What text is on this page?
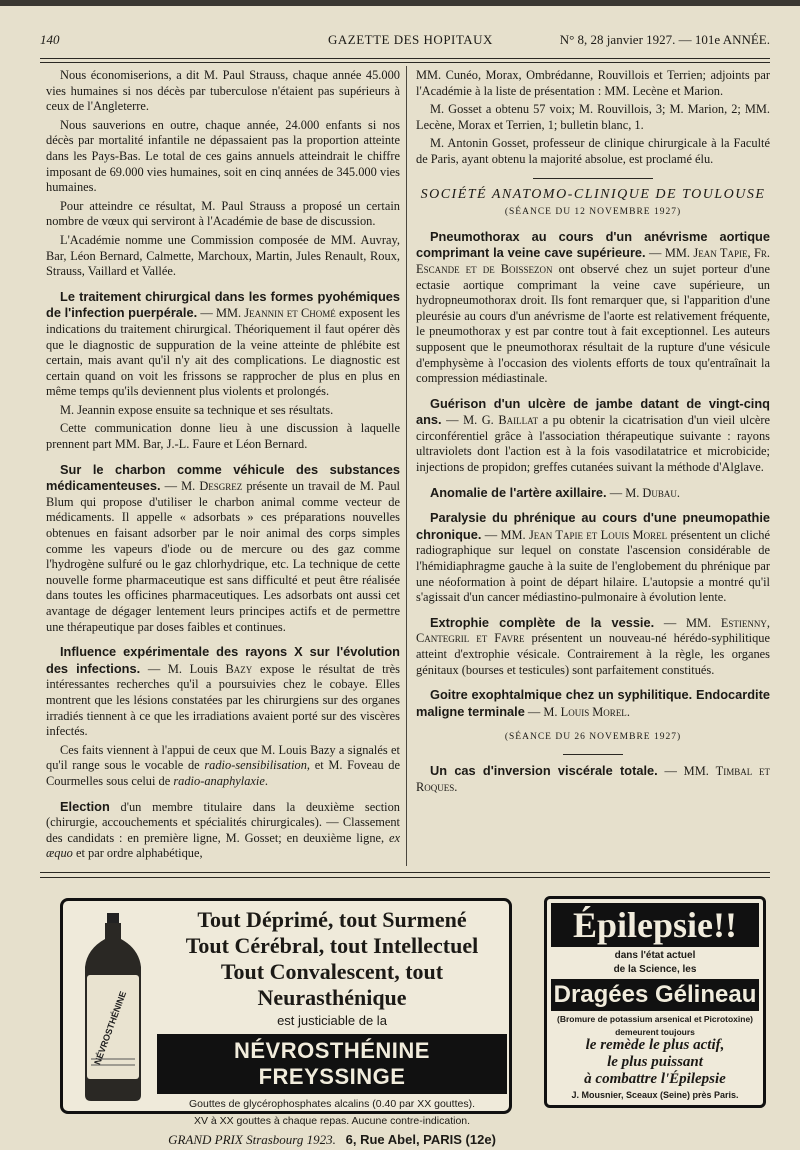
140	GAZETTE DES HOPITAUX	N° 8, 28 janvier 1927. — 101e ANNÉE.

Nous économiserions, a dit M. Paul Strauss, chaque année 45.000 vies humaines si nos décès par tuberculose n'étaient pas supérieurs à ceux de l'Angleterre.

Nous sauverions en outre, chaque année, 24.000 enfants si nos décès par mortalité infantile ne dépassaient pas la proportion atteinte dans les Pays-Bas. Le total de ces gains annuels atteindrait le chiffre imposant de 69.000 vies humaines, soit en cinq années de 345.000 vies humaines.

Pour atteindre ce résultat, M. Paul Strauss a proposé un certain nombre de vœux qui serviront à l'Académie de base de discussion.

L'Académie nomme une Commission composée de MM. Auvray, Bar, Léon Bernard, Calmette, Marchoux, Martin, Jules Renault, Roux, Strauss, Vaillard et Vallée.

Le traitement chirurgical dans les formes pyohémiques de l'infection puerpérale. — MM. Jeannin et Chomé exposent les indications du traitement chirurgical. Théoriquement il faut opérer dès que le diagnostic de suppuration de la veine atteinte de phlébite est certain, mais avant qu'il n'y ait des complications. Le diagnostic est certain quand on voit les frissons se rapprocher de plus en plus en même temps qu'ils deviennent plus violents et prolongés.

M. Jeannin expose ensuite sa technique et ses résultats.

Cette communication donne lieu à une discussion à laquelle prennent part MM. Bar, J.-L. Faure et Léon Bernard.

Sur le charbon comme véhicule des substances médicamenteuses. — M. Desgrez présente un travail de M. Paul Blum qui propose d'utiliser le charbon animal comme vecteur de médicaments. Il appelle « adsorbats » ces préparations nouvelles obtenues en faisant adsorber par le noir animal des corps simples comme les vapeurs d'iode ou de mercure ou des gaz comme l'hydrogène sulfuré ou le gaz chlorhydrique, etc. La technique de cette nouvelle forme pharmaceutique est sans difficulté et peut être réalisée dans toutes les officines pharmaceutiques. Les adsorbats ont aussi cet avantage de dégager lentement leurs principes actifs et de permettre une thérapeutique par doses faibles et continues.

Influence expérimentale des rayons X sur l'évolution des infections. — M. Louis Bazy expose le résultat de très intéressantes recherches qu'il a poursuivies chez le cobaye. Elles montrent que les lésions constatées par les chirurgiens sur des organes irradiés tiennent à ce que les irradiations avaient porté sur des viscères infectés.

Ces faits viennent à l'appui de ceux que M. Louis Bazy a signalés et qu'il range sous le vocable de radio-sensibilisation, et M. Foveau de Courmelles sous celui de radio-anaphylaxie.

Election d'un membre titulaire dans la deuxième section (chirurgie, accouchements et spécialités chirurgicales). — Classement des candidats : en première ligne, M. Gosset; en deuxième ligne, ex æquo et par ordre alphabétique,

MM. Cunéo, Morax, Ombrédanne, Rouvillois et Terrien; adjoints par l'Académie à la liste de présentation : MM. Lecène et Marion.

M. Gosset a obtenu 57 voix; M. Rouvillois, 3; M. Marion, 2; MM. Lecène, Morax et Terrien, 1; bulletin blanc, 1.

M. Antonin Gosset, professeur de clinique chirurgicale à la Faculté de Paris, ayant obtenu la majorité absolue, est proclamé élu.

SOCIÉTÉ ANATOMO-CLINIQUE DE TOULOUSE

(SÉANCE DU 12 NOVEMBRE 1927)

Pneumothorax au cours d'un anévrisme aortique comprimant la veine cave supérieure. — MM. Jean Tapie, Fr. Escande et de Boissezon ont observé chez un sujet porteur d'une ectasie aortique comprimant la veine cave supérieure, un hydropneumothorax droit. Ils font remarquer que, si l'apparition d'une pleurésie au cours d'un anévrisme de l'aorte est relativement fréquente, le pneumothorax y est par contre tout à fait exceptionnel. Les auteurs supposent que le pneumothorax résultait de la rupture d'une vésicule d'emphysème à l'occasion des violents efforts de toux qu'entraînait la compression médiastinale.

Guérison d'un ulcère de jambe datant de vingt-cinq ans. — M. G. Baillat a pu obtenir la cicatrisation d'un vieil ulcère circonférentiel grâce à l'association thérapeutique suivante : rayons ultraviolets dont l'action est à la fois vasodilatatrice et microbicide; injections de propidon; greffes cutanées suivant la méthode d'Alglave.

Anomalie de l'artère axillaire. — M. Dubau.

Paralysie du phrénique au cours d'une pneumopathie chronique. — MM. Jean Tapie et Louis Morel présentent un cliché radiographique sur lequel on constate l'ascension considérable de l'hémidiaphragme gauche à la suite de l'englobement du phrénique par une néoformation à point de départ hilaire. L'autopsie a montré qu'il s'agissait d'un cancer médiastino-pulmonaire à évolution lente.

Extrophie complète de la vessie. — MM. Estienny, Cantegril et Favre présentent un nouveau-né hérédo-syphilitique atteint d'extrophie vésicale. Contrairement à la règle, les organes génitaux (bourses et testicules) sont parfaitement constitués.

Goitre exophtalmique chez un syphilitique. Endocardite maligne terminale — M. Louis Morel.

(SÉANCE DU 26 NOVEMBRE 1927)

Un cas d'inversion viscérale totale. — MM. Timbal et Roques.

NÉVROSTHÉNINE
Tout Déprimé, tout Surmené
Tout Cérébral, tout Intellectuel
Tout Convalescent, tout Neurasthénique
est justiciable de la
NÉVROSTHÉNINE FREYSSINGE
Gouttes de glycérophosphates alcalins (0.40 par XX gouttes).
XV à XX gouttes à chaque repas. Aucune contre-indication.
GRAND PRIX Strasbourg 1923. 6, Rue Abel, PARIS (12e)
Épilepsie!!
dans l'état actuel
de la Science, les
Dragées Gélineau
(Bromure de potassium arsenical et Picrotoxine)
demeurent toujours
le remède le plus actif,
le plus puissant
à combattre l'Épilepsie
J. Mousnier, Sceaux (Seine) près Paris.
